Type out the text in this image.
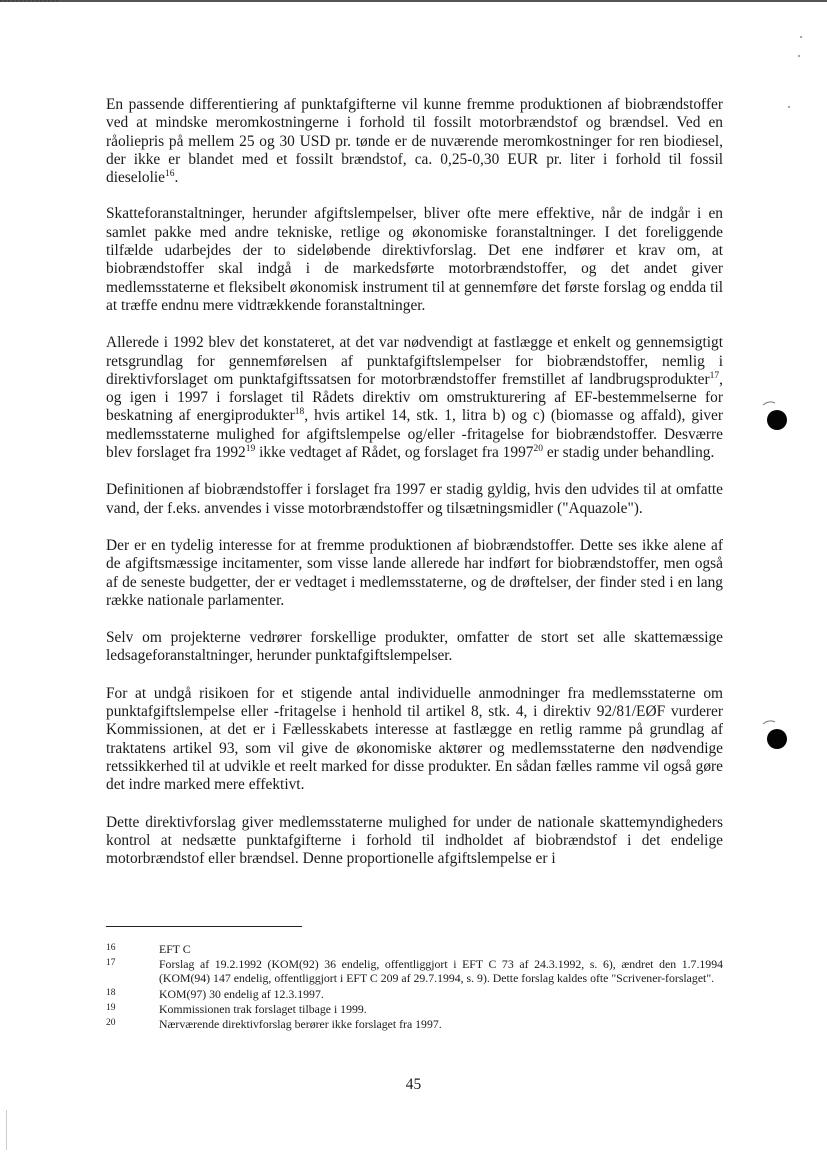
En passende differentiering af punktafgifterne vil kunne fremme produktionen af biobrændstoffer ved at mindske meromkostningerne i forhold til fossilt motorbrændstof og brændsel. Ved en råoliepris på mellem 25 og 30 USD pr. tønde er de nuværende meromkostninger for ren biodiesel, der ikke er blandet med et fossilt brændstof, ca. 0,25-0,30 EUR pr. liter i forhold til fossil dieselolie$^{16}$.

Skatteforanstaltninger, herunder afgiftslempelser, bliver ofte mere effektive, når de indgår i en samlet pakke med andre tekniske, retlige og økonomiske foranstaltninger. I det foreliggende tilfælde udarbejdes der to sideløbende direktivforslag. Det ene indfører et krav om, at biobrændstoffer skal indgå i de markedsførte motorbrændstoffer, og det andet giver medlemsstaterne et fleksibelt økonomisk instrument til at gennemføre det første forslag og endda til at træffe endnu mere vidtrækkende foranstaltninger.

Allerede i 1992 blev det konstateret, at det var nødvendigt at fastlægge et enkelt og gennemsigtigt retsgrundlag for gennemførelsen af punktafgiftslempelser for biobrændstoffer, nemlig i direktivforslaget om punktafgiftssatsen for motorbrændstoffer fremstillet af landbrugsprodukter$^{17}$, og igen i 1997 i forslaget til Rådets direktiv om omstrukturering af EF-bestemmelserne for beskatning af energiprodukter$^{18}$, hvis artikel 14, stk. 1, litra b) og c) (biomasse og affald), giver medlemsstaterne mulighed for afgiftslempelse og/eller -fritagelse for biobrændstoffer. Desværre blev forslaget fra 1992$^{19}$ ikke vedtaget af Rådet, og forslaget fra 1997$^{20}$ er stadig under behandling.

Definitionen af biobrændstoffer i forslaget fra 1997 er stadig gyldig, hvis den udvides til at omfatte vand, der f.eks. anvendes i visse motorbrændstoffer og tilsætningsmidler ("Aquazole").

Der er en tydelig interesse for at fremme produktionen af biobrændstoffer. Dette ses ikke alene af de afgiftsmæssige incitamenter, som visse lande allerede har indført for biobrændstoffer, men også af de seneste budgetter, der er vedtaget i medlemsstaterne, og de drøftelser, der finder sted i en lang række nationale parlamenter.

Selv om projekterne vedrører forskellige produkter, omfatter de stort set alle skattemæssige ledsageforanstaltninger, herunder punktafgiftslempelser.

For at undgå risikoen for et stigende antal individuelle anmodninger fra medlemsstaterne om punktafgiftslempelse eller -fritagelse i henhold til artikel 8, stk. 4, i direktiv 92/81/EØF vurderer Kommissionen, at det er i Fællesskabets interesse at fastlægge en retlig ramme på grundlag af traktatens artikel 93, som vil give de økonomiske aktører og medlemsstaterne den nødvendige retssikkerhed til at udvikle et reelt marked for disse produkter. En sådan fælles ramme vil også gøre det indre marked mere effektivt.

Dette direktivforslag giver medlemsstaterne mulighed for under de nationale skattemyndigheders kontrol at nedsætte punktafgifterne i forhold til indholdet af biobrændstof i det endelige motorbrændstof eller brændsel. Denne proportionelle afgiftslempelse er i

16	EFT C
17	Forslag af 19.2.1992 (KOM(92) 36 endelig, offentliggjort i EFT C 73 af 24.3.1992, s. 6), ændret den 1.7.1994 (KOM(94) 147 endelig, offentliggjort i EFT C 209 af 29.7.1994, s. 9). Dette forslag kaldes ofte "Scrivener-forslaget".
18	KOM(97) 30 endelig af 12.3.1997.
19	Kommissionen trak forslaget tilbage i 1999.
20	Nærværende direktivforslag berører ikke forslaget fra 1997.
45
